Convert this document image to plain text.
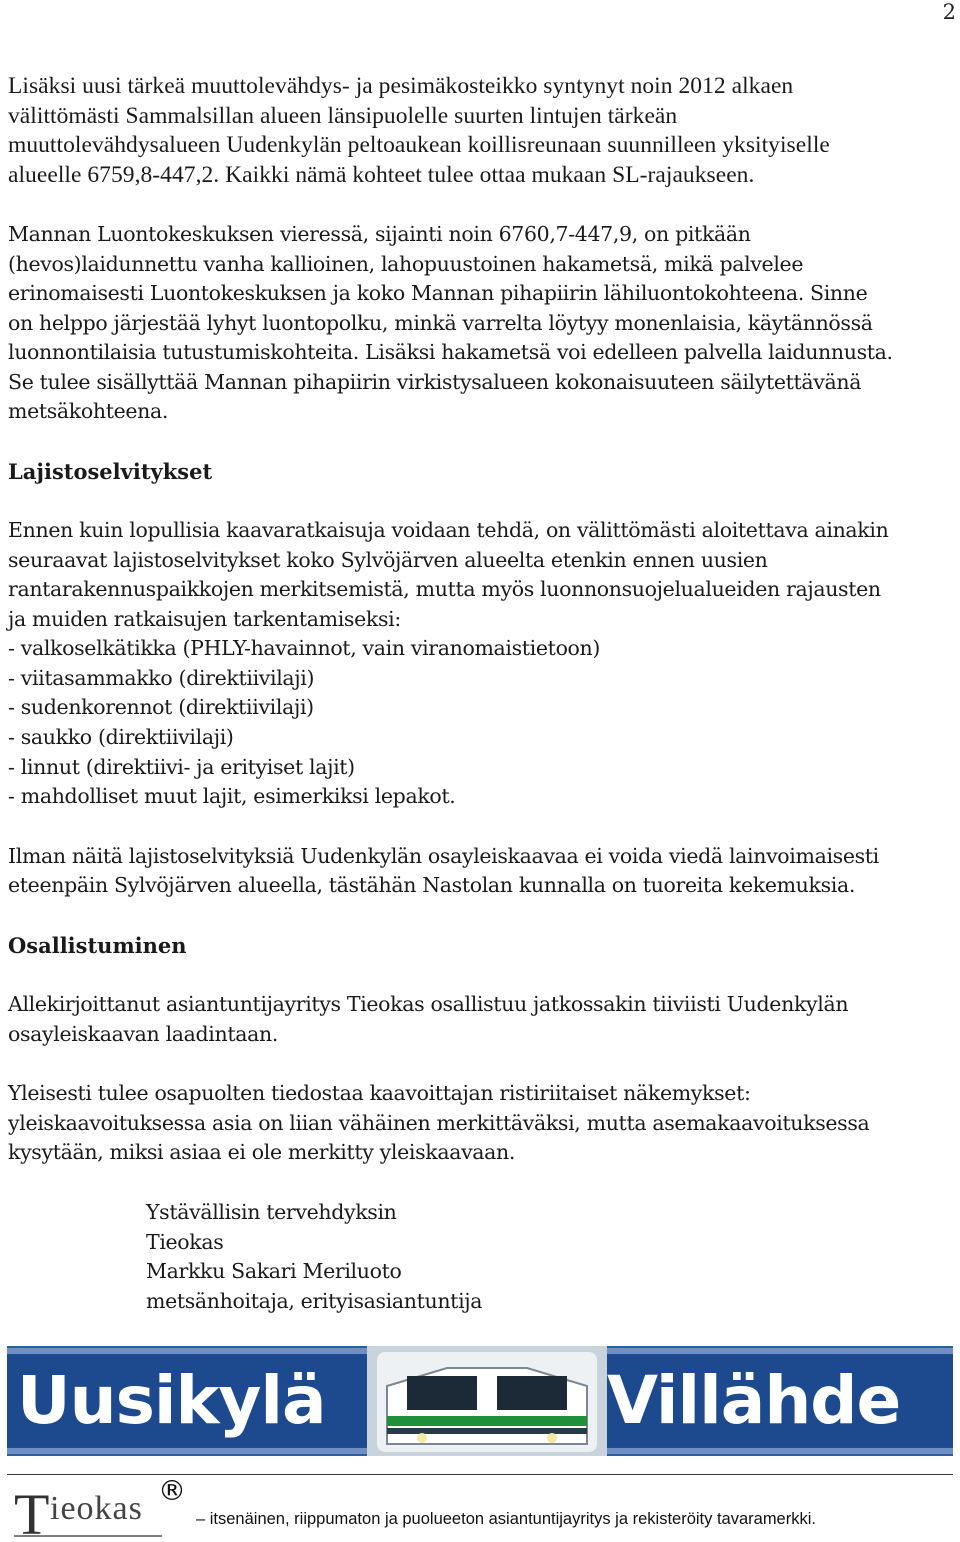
2
Lisäksi uusi tärkeä muuttolevähdys- ja pesimäkosteikko syntynyt noin 2012 alkaen
välittömästi Sammalsillan alueen länsipuolelle suurten lintujen tärkeän
muuttolevähdysalueen Uudenkylän peltoaukean koillisreunaan suunnilleen yksityiselle
alueelle 6759,8-447,2. Kaikki nämä kohteet tulee ottaa mukaan SL-rajaukseen.
Mannan Luontokeskuksen vieressä, sijainti noin 6760,7-447,9, on pitkään
(hevos)laidunnettu vanha kallioinen, lahopuustoinen hakametsä, mikä palvelee
erinomaisesti Luontokeskuksen ja koko Mannan pihapiirin lähiluontokohteena. Sinne
on helppo järjestää lyhyt luontopolku, minkä varrelta löytyy monenlaisia, käytännössä
luonnontilaisia tutustumiskohteita. Lisäksi hakametsä voi edelleen palvella laidunnusta.
Se tulee sisällyttää Mannan pihapiirin virkistysalueen kokonaisuuteen säilytettävänä
metsäkohteena.
Lajistoselvitykset
Ennen kuin lopullisia kaavaratkaisuja voidaan tehdä, on välittömästi aloitettava ainakin
seuraavat lajistoselvitykset koko Sylvöjärven alueelta etenkin ennen uusien
rantarakennuspaikkojen merkitsemistä, mutta myös luonnonsuojelualueiden rajausten
ja muiden ratkaisujen tarkentamiseksi:
- valkoselkätikka (PHLY-havainnot, vain viranomaistietoon)
- viitasammakko (direktiivilaji)
- sudenkorennot (direktiivilaji)
- saukko (direktiivilaji)
- linnut (direktiivi- ja erityiset lajit)
- mahdolliset muut lajit, esimerkiksi lepakot.
Ilman näitä lajistoselvityksiä Uudenkylän osayleiskaavaa ei voida viedä lainvoimaisesti
eteenpäin Sylvöjärven alueella, tästähän Nastolan kunnalla on tuoreita kekemuksia.
Osallistuminen
Allekirjoittanut asiantuntijayritys Tieokas osallistuu jatkossakin tiiviisti Uudenkylän
osayleiskaavan laadintaan.
Yleisesti tulee osapuolten tiedostaa kaavoittajan ristiriitaiset näkemykset:
yleiskaavoituksessa asia on liian vähäinen merkittäväksi, mutta asemakaavoituksessa
kysytään, miksi asiaa ei ole merkitty yleiskaavaan.
Ystävällisin tervehdyksin
Tieokas
Markku Sakari Meriluoto
metsänhoitaja, erityisasiantuntija
Uusikylä	Villähde
T ieokas ®
– itsenäinen, riippumaton ja puolueeton asiantuntijayritys ja rekisteröity tavaramerkki.
